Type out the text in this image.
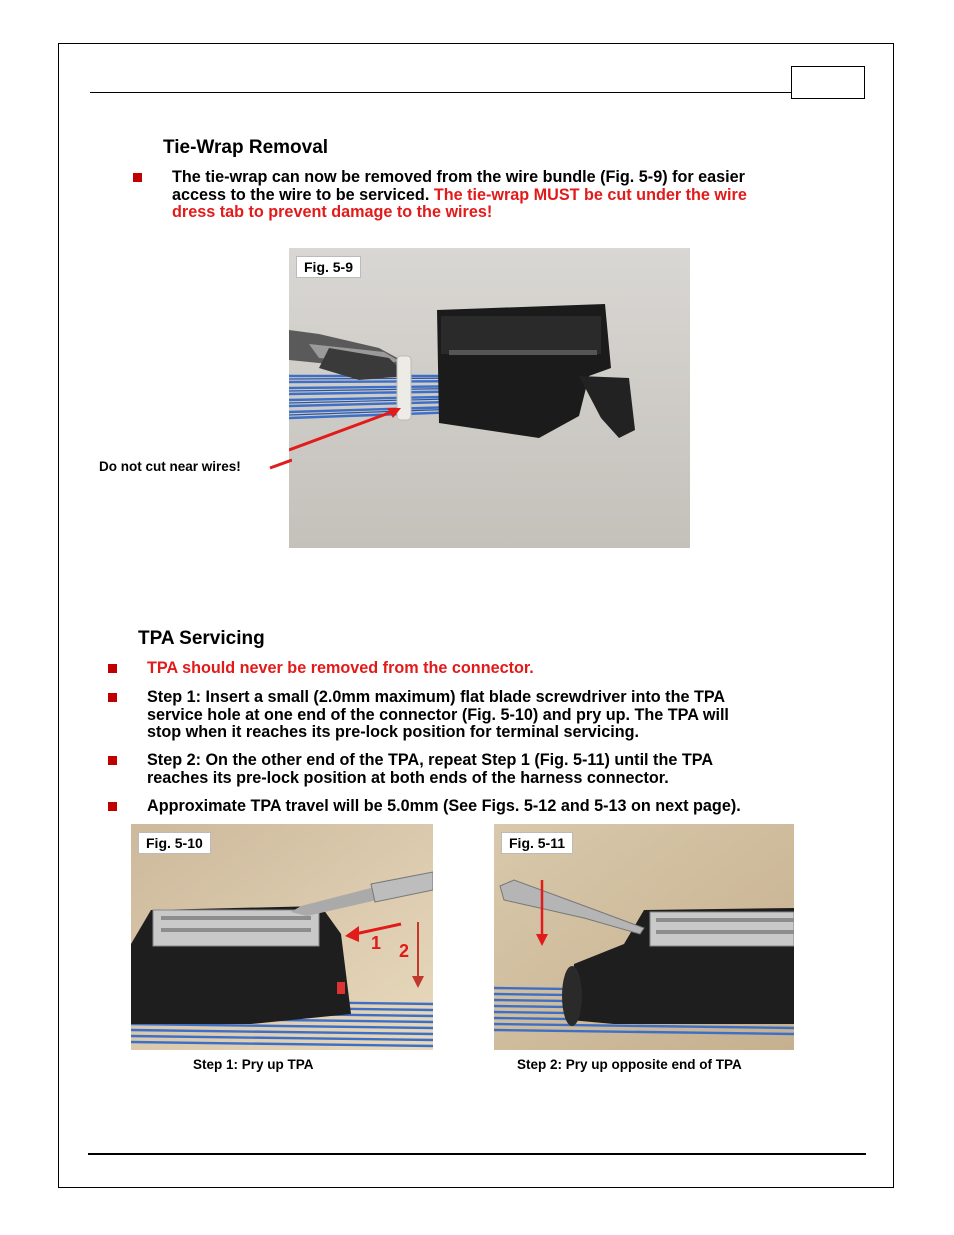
Tie-Wrap Removal
The tie-wrap can now be removed from the wire bundle (Fig. 5-9) for easier
access to the wire to be serviced. The tie-wrap MUST be cut under the wire
dress tab to prevent damage to the wires!
Fig. 5-9
Do not cut near wires!
TPA Servicing
TPA should never be removed from the connector.
Step 1: Insert a small (2.0mm maximum) flat blade screwdriver into the TPA
service hole at one end of the connector (Fig. 5-10) and pry up. The TPA will
stop when it reaches its pre-lock position for terminal servicing.
Step 2: On the other end of the TPA, repeat Step 1 (Fig. 5-11) until the TPA
reaches its pre-lock position at both ends of the harness connector.
Approximate TPA travel will be 5.0mm (See Figs. 5-12 and 5-13 on next page).
1 2
Fig. 5-10
Step 1: Pry up TPA
Fig. 5-11
Step 2: Pry up opposite end of TPA
